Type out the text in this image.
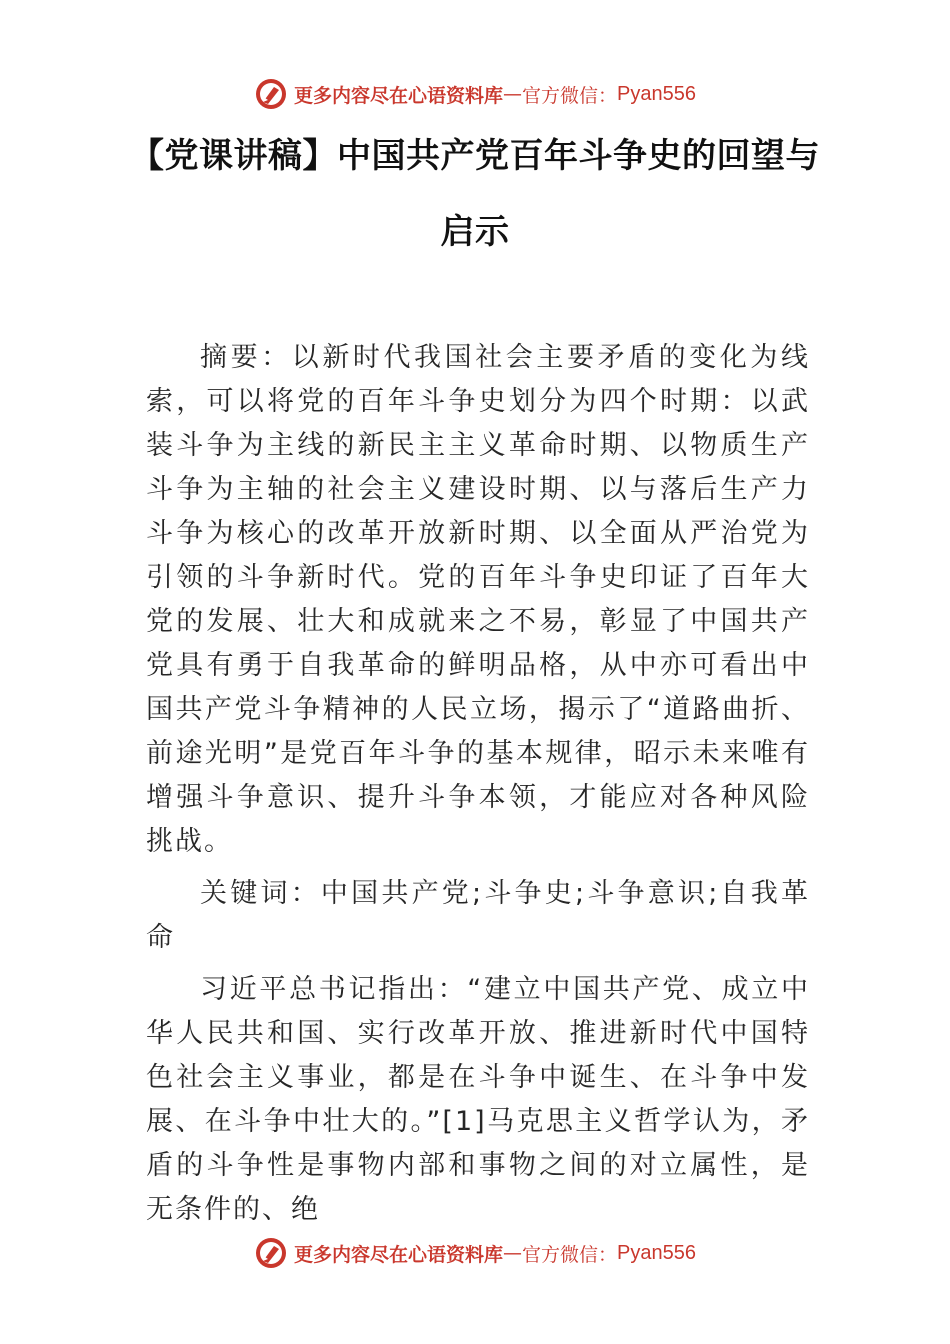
更多内容尽在心语资料库 — 官方微信： Pyan556
【党课讲稿】中国共产党百年斗争史的回望与启示

摘要：以新时代我国社会主要矛盾的变化为线索，可以将党的百年斗争史划分为四个时期：以武装斗争为主线的新民主主义革命时期、以物质生产斗争为主轴的社会主义建设时期、以与落后生产力斗争为核心的改革开放新时期、以全面从严治党为引领的斗争新时代。党的百年斗争史印证了百年大党的发展、壮大和成就来之不易，彰显了中国共产党具有勇于自我革命的鲜明品格，从中亦可看出中国共产党斗争精神的人民立场，揭示了“道路曲折、前途光明”是党百年斗争的基本规律，昭示未来唯有增强斗争意识、提升斗争本领，才能应对各种风险挑战。

关键词：中国共产党;斗争史;斗争意识;自我革命

习近平总书记指出：“建立中国共产党、成立中华人民共和国、实行改革开放、推进新时代中国特色社会主义事业，都是在斗争中诞生、在斗争中发展、在斗争中壮大的。”[1]马克思主义哲学认为，矛盾的斗争性是事物内部和事物之间的对立属性，是无条件的、绝

更多内容尽在心语资料库 — 官方微信： Pyan556
